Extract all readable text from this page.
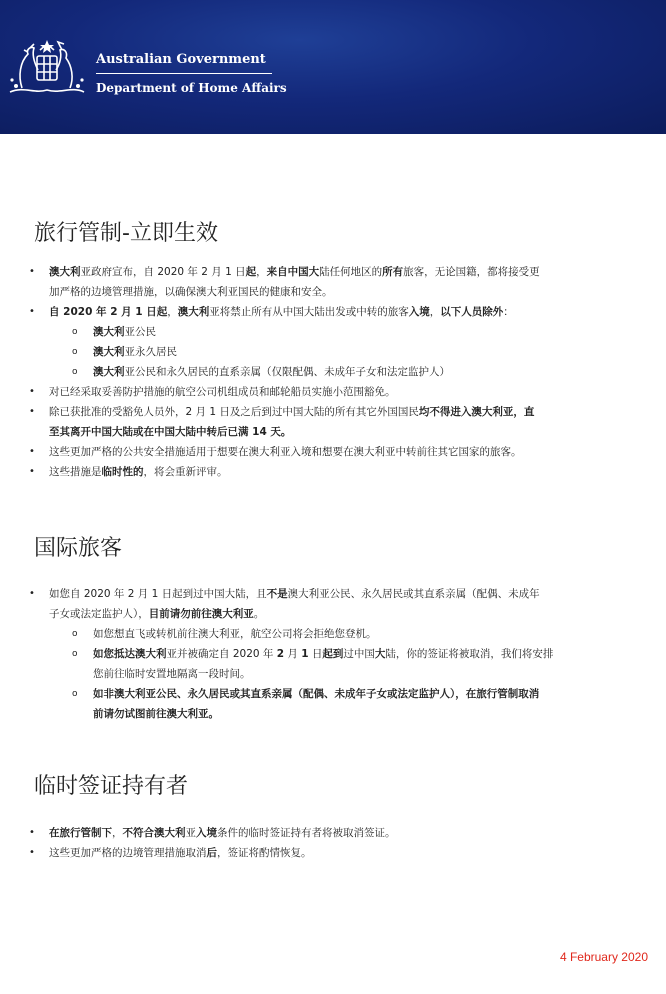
Australian Government
Department of Home Affairs
旅行管制-立即生效
• 澳大利亚政府宣布，自 2020 年 2 月 1 日起，来自中国大陆任何地区的所有旅客，无论国籍，都将接受更
加严格的边境管理措施，以确保澳大利亚国民的健康和安全。
• 自 2020 年 2 月 1 日起，澳大利亚将禁止所有从中国大陆出发或中转的旅客入境，以下人员除外：
o 澳大利亚公民
o 澳大利亚永久居民
o 澳大利亚公民和永久居民的直系亲属（仅限配偶、未成年子女和法定监护人）
• 对已经采取妥善防护措施的航空公司机组成员和邮轮船员实施小范围豁免。
• 除已获批准的受豁免人员外，2 月 1 日及之后到过中国大陆的所有其它外国国民均不得进入澳大利亚，直
至其离开中国大陆或在中国大陆中转后已满 14 天。
• 这些更加严格的公共安全措施适用于想要在澳大利亚入境和想要在澳大利亚中转前往其它国家的旅客。
• 这些措施是临时性的，将会重新评审。
国际旅客
• 如您自 2020 年 2 月 1 日起到过中国大陆，且不是澳大利亚公民、永久居民或其直系亲属（配偶、未成年
子女或法定监护人），目前请勿前往澳大利亚。
o 如您想直飞或转机前往澳大利亚，航空公司将会拒绝您登机。
o 如您抵达澳大利亚并被确定自 2020 年 2 月 1 日起到过中国大陆，你的签证将被取消，我们将安排
您前往临时安置地隔离一段时间。
o 如非澳大利亚公民、永久居民或其直系亲属（配偶、未成年子女或法定监护人），在旅行管制取消
前请勿试图前往澳大利亚。
临时签证持有者
• 在旅行管制下，不符合澳大利亚入境条件的临时签证持有者将被取消签证。
• 这些更加严格的边境管理措施取消后，签证将酌情恢复。
4 February 2020
